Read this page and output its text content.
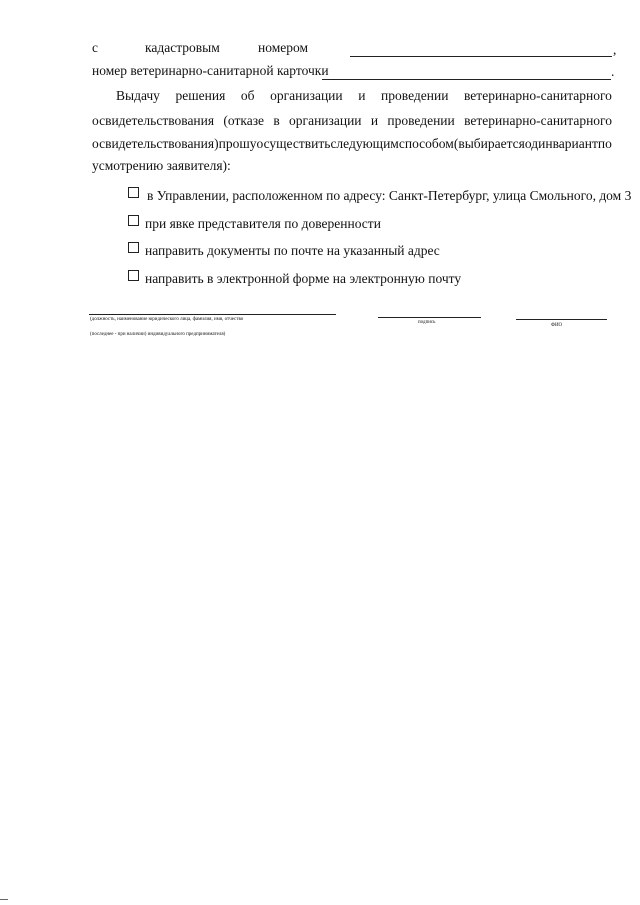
с	кадастровым	номером	,
номер ветеринарно-санитарной карточки	.
Выдачу решения об организации и проведении ветеринарно-санитарного
освидетельствования (отказе в организации и проведении ветеринарно-санитарного
освидетельствования) прошу осуществить следующим способом (выбирается один вариант по
усмотрению заявителя):
в Управлении, расположенном по адресу: Санкт-Петербург, улица Смольного, дом 3
при явке представителя по доверенности
направить документы по почте на указанный адрес
направить в электронной форме на электронную почту
(должность, наименование юридического лица, фамилия, имя, отчество
(последнее - при наличии) индивидуального предпринимателя)
подпись
ФИО
